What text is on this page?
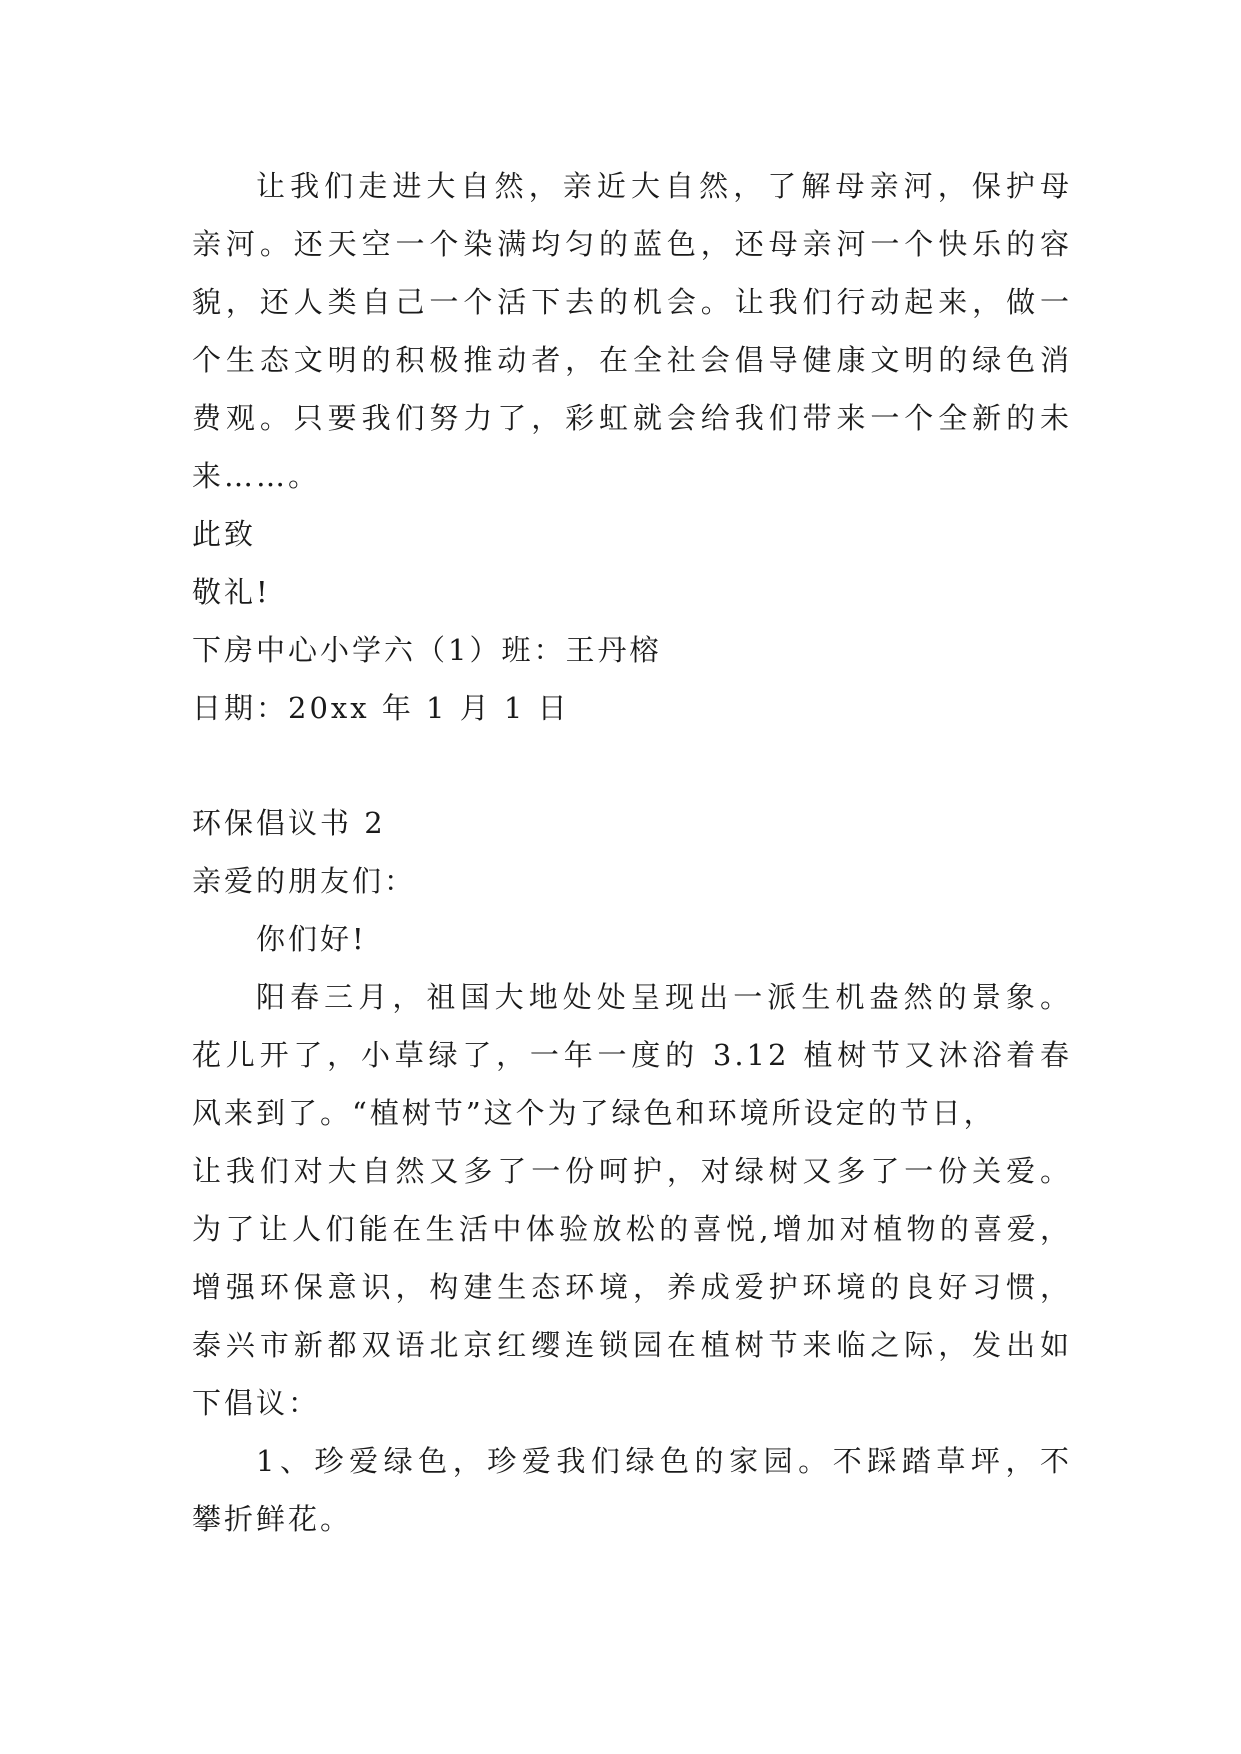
让我们走进大自然，亲近大自然，了解母亲河，保护母
亲河。还天空一个染满均匀的蓝色，还母亲河一个快乐的容
貌，还人类自己一个活下去的机会。让我们行动起来，做一
个生态文明的积极推动者，在全社会倡导健康文明的绿色消
费观。只要我们努力了，彩虹就会给我们带来一个全新的未
来……。
此致
敬礼!
下房中心小学六（1）班：王丹榕
日期：20xx 年 1 月 1 日
环保倡议书 2
亲爱的朋友们：
你们好!
阳春三月，祖国大地处处呈现出一派生机盎然的景象。
花儿开了，小草绿了，一年一度的 3.12 植树节又沐浴着春
风来到了。“植树节”这个为了绿色和环境所设定的节日，
让我们对大自然又多了一份呵护，对绿树又多了一份关爱。
为了让人们能在生活中体验放松的喜悦,增加对植物的喜爱，
增强环保意识，构建生态环境，养成爱护环境的良好习惯，
泰兴市新都双语北京红缨连锁园在植树节来临之际，发出如
下倡议：
1、珍爱绿色，珍爱我们绿色的家园。不踩踏草坪，不
攀折鲜花。
